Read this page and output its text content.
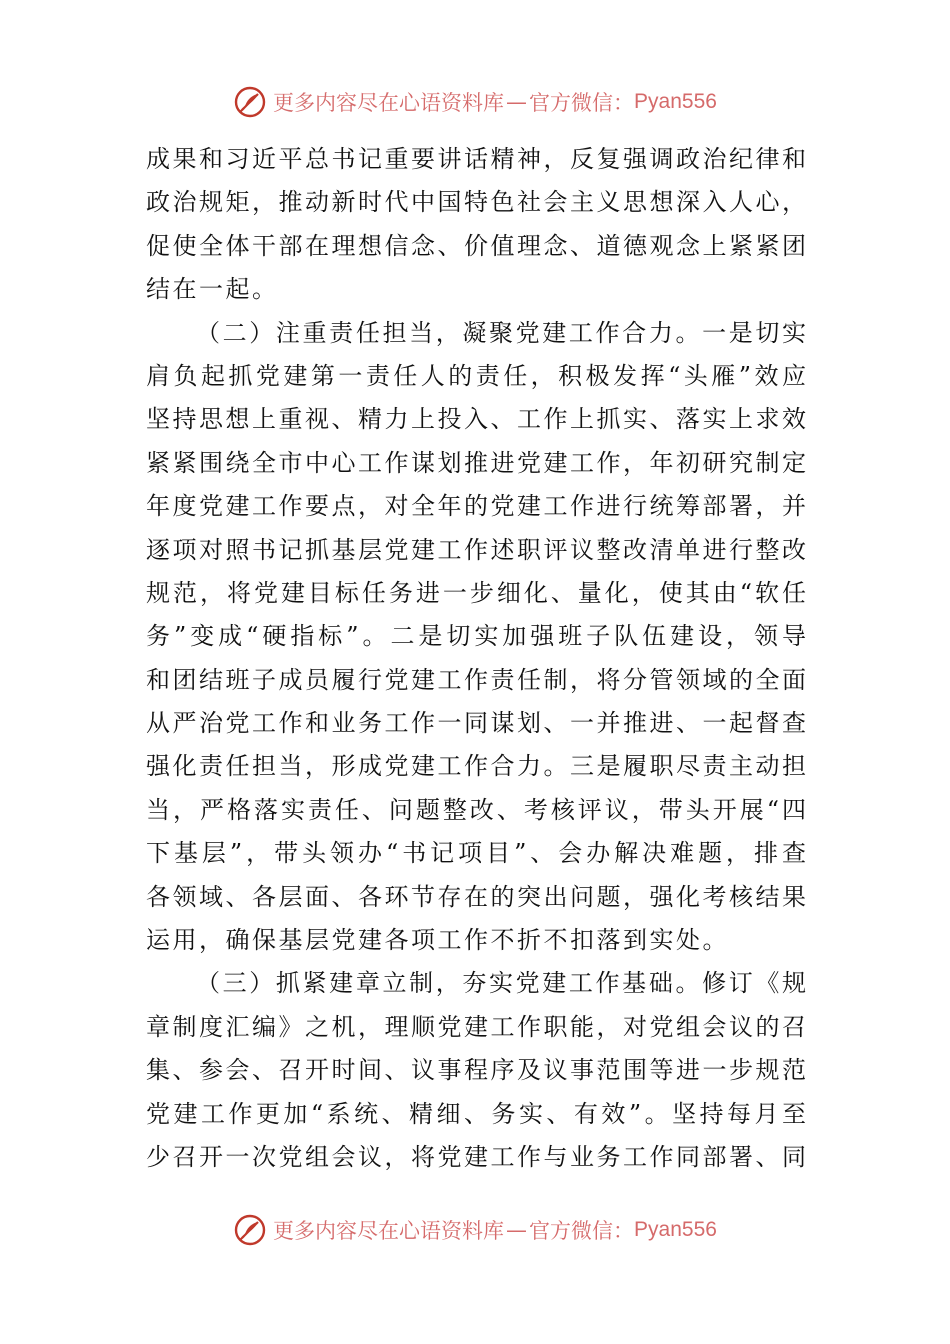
更多内容尽在心语资料库 — 官方微信： Pyan556
成果和习近平总书记重要讲话精神，反复强调政治纪律和
政治规矩，推动新时代中国特色社会主义思想深入人心，
促使全体干部在理想信念、价值理念、道德观念上紧紧团
结在一起。
（二）注重责任担当，凝聚党建工作合力。一是切实
肩负起抓党建第一责任人的责任，积极发挥“头雁”效应
坚持思想上重视、精力上投入、工作上抓实、落实上求效
紧紧围绕全市中心工作谋划推进党建工作，年初研究制定
年度党建工作要点，对全年的党建工作进行统筹部署，并
逐项对照书记抓基层党建工作述职评议整改清单进行整改
规范，将党建目标任务进一步细化、量化，使其由“软任
务”变成“硬指标”。二是切实加强班子队伍建设，领导
和团结班子成员履行党建工作责任制，将分管领域的全面
从严治党工作和业务工作一同谋划、一并推进、一起督查
强化责任担当，形成党建工作合力。三是履职尽责主动担
当，严格落实责任、问题整改、考核评议，带头开展“四
下基层”，带头领办“书记项目”、会办解决难题，排查
各领域、各层面、各环节存在的突出问题，强化考核结果
运用，确保基层党建各项工作不折不扣落到实处。
（三）抓紧建章立制，夯实党建工作基础。修订《规
章制度汇编》之机，理顺党建工作职能，对党组会议的召
集、参会、召开时间、议事程序及议事范围等进一步规范
党建工作更加“系统、精细、务实、有效”。坚持每月至
少召开一次党组会议，将党建工作与业务工作同部署、同
更多内容尽在心语资料库 — 官方微信： Pyan556
